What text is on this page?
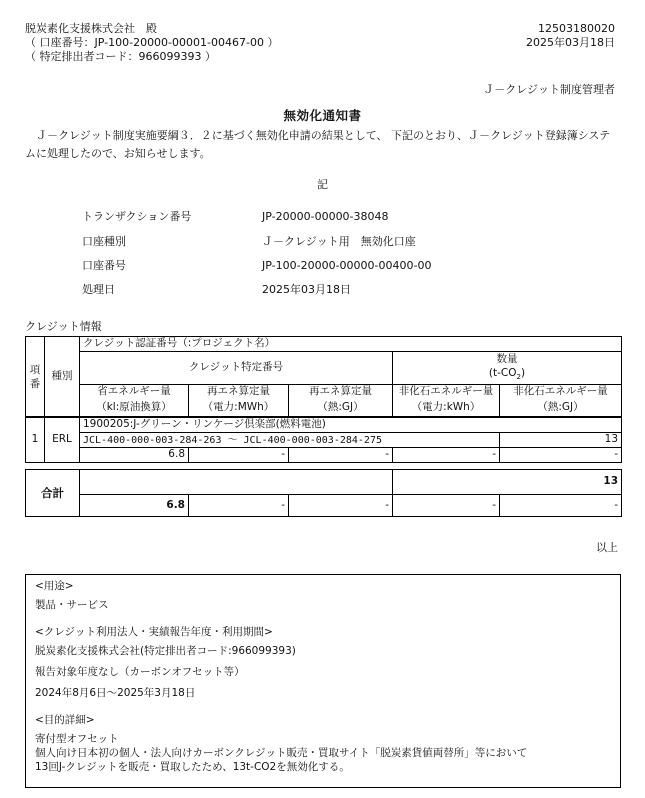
脱炭素化支援株式会社　殿
（ 口座番号：JP-100-20000-00001-00467-00 ）
（ 特定排出者コード：966099393 ）
12503180020
2025年03月18日
Ｊ－クレジット制度管理者
無効化通知書
　Ｊ－クレジット制度実施要綱３．２に基づく無効化申請の結果として、 下記のとおり、Ｊ－クレジット登録簿システムに処理したので、お知らせします。
記
トランザクション番号	JP-20000-00000-38048
口座種別	Ｊ－クレジット用　無効化口座
口座番号	JP-100-20000-00000-00400-00
処理日	2025年03月18日
クレジット情報
項番	種別	クレジット認証番号（:プロジェクト名）				
		クレジット特定番号			数量
$(t-CO_2)$	

		省エネルギー量	再エネ算定量	再エネ算定量	非化石エネルギー量	非化石エネルギー量
		（kl:原油換算）	（電力:MWh）	（熱:GJ）	（電力:kWh）	（熱:GJ）
1	ERL	1900205:J-グリーン・リンケージ倶楽部(燃料電池)				
		JCL-400-000-003-284-263 ～ JCL-400-000-003-284-275				13
		6.8	-	-	-	-

合計					13	
		6.8	-	-	-	-
以上
<用途>
製品・サービス
<クレジット利用法人・実績報告年度・利用期間>
脱炭素化支援株式会社(特定排出者コード:966099393)
報告対象年度なし（カーボンオフセット等）
2024年8月6日～2025年3月18日
<目的詳細>
寄付型オフセット
個人向け日本初の個人・法人向けカーボンクレジット販売・買取サイト「脱炭素貨値両替所」等において
13回J-クレジットを販売・買取したため、13t-CO2を無効化する。
